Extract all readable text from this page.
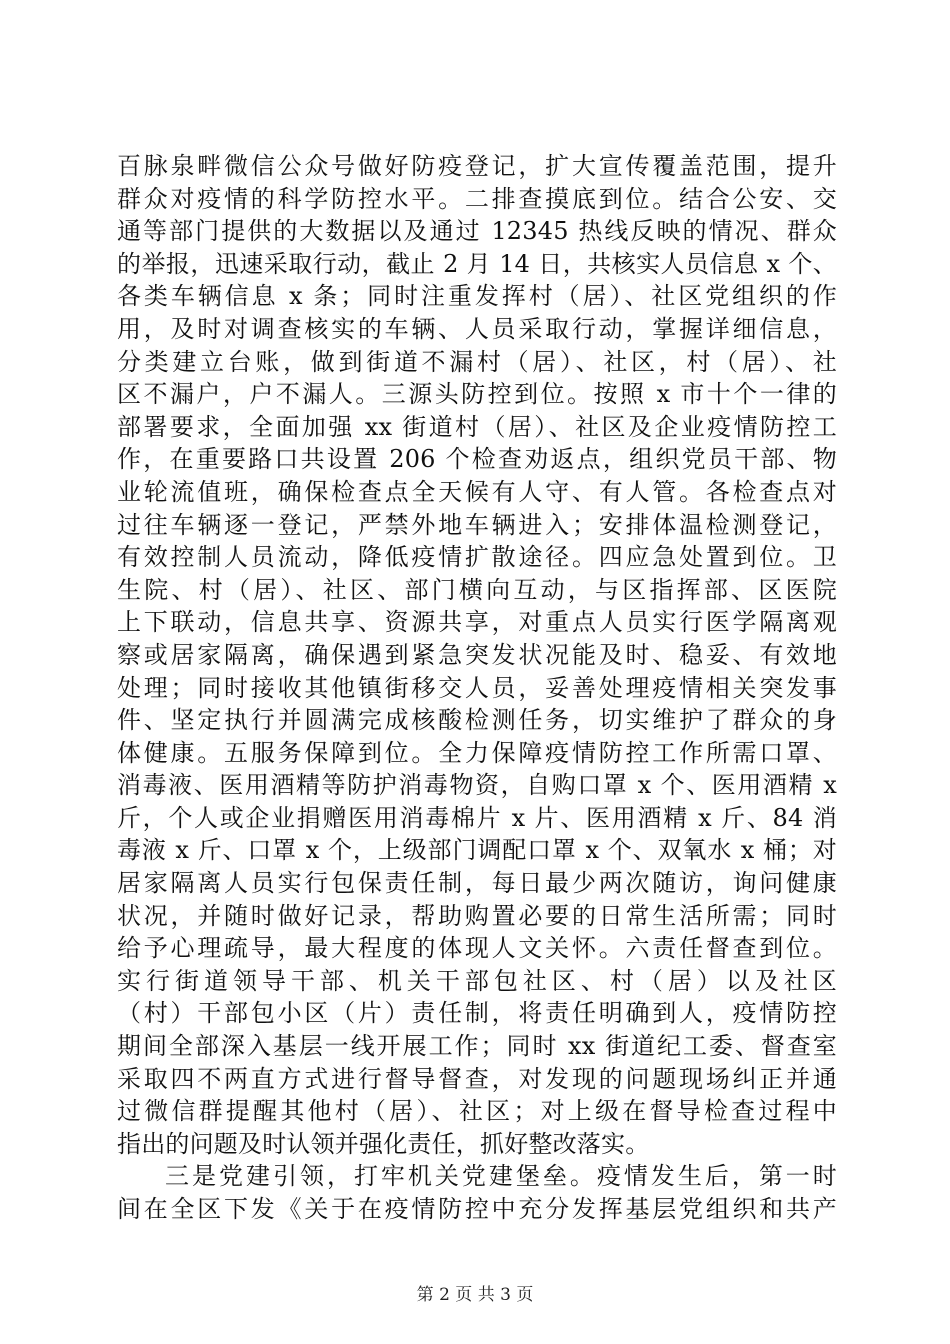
百脉泉畔微信公众号做好防疫登记，扩大宣传覆盖范围，提升
群众对疫情的科学防控水平。二排查摸底到位。结合公安、交
通等部门提供的大数据以及通过 12345 热线反映的情况、群众
的举报，迅速采取行动，截止 2 月 14 日，共核实人员信息 x 个、
各类车辆信息 x 条；同时注重发挥村（居）、社区党组织的作
用，及时对调查核实的车辆、人员采取行动，掌握详细信息，
分类建立台账，做到街道不漏村（居）、社区，村（居）、社
区不漏户，户不漏人。三源头防控到位。按照 x 市十个一律的
部署要求，全面加强 xx 街道村（居）、社区及企业疫情防控工
作，在重要路口共设置 206 个检查劝返点，组织党员干部、物
业轮流值班，确保检查点全天候有人守、有人管。各检查点对
过往车辆逐一登记，严禁外地车辆进入；安排体温检测登记，
有效控制人员流动，降低疫情扩散途径。四应急处置到位。卫
生院、村（居）、社区、部门横向互动，与区指挥部、区医院
上下联动，信息共享、资源共享，对重点人员实行医学隔离观
察或居家隔离，确保遇到紧急突发状况能及时、稳妥、有效地
处理；同时接收其他镇街移交人员，妥善处理疫情相关突发事
件、坚定执行并圆满完成核酸检测任务，切实维护了群众的身
体健康。五服务保障到位。全力保障疫情防控工作所需口罩、
消毒液、医用酒精等防护消毒物资，自购口罩 x 个、医用酒精 x
斤，个人或企业捐赠医用消毒棉片 x 片、医用酒精 x 斤、84 消
毒液 x 斤、口罩 x 个，上级部门调配口罩 x 个、双氧水 x 桶；对
居家隔离人员实行包保责任制，每日最少两次随访，询问健康
状况，并随时做好记录，帮助购置必要的日常生活所需；同时
给予心理疏导，最大程度的体现人文关怀。六责任督查到位。
实行街道领导干部、机关干部包社区、村（居）以及社区
（村）干部包小区（片）责任制，将责任明确到人，疫情防控
期间全部深入基层一线开展工作；同时 xx 街道纪工委、督查室
采取四不两直方式进行督导督查，对发现的问题现场纠正并通
过微信群提醒其他村（居）、社区；对上级在督导检查过程中
指出的问题及时认领并强化责任，抓好整改落实。
三是党建引领，打牢机关党建堡垒。疫情发生后，第一时
间在全区下发《关于在疫情防控中充分发挥基层党组织和共产
第 2 页 共 3 页
